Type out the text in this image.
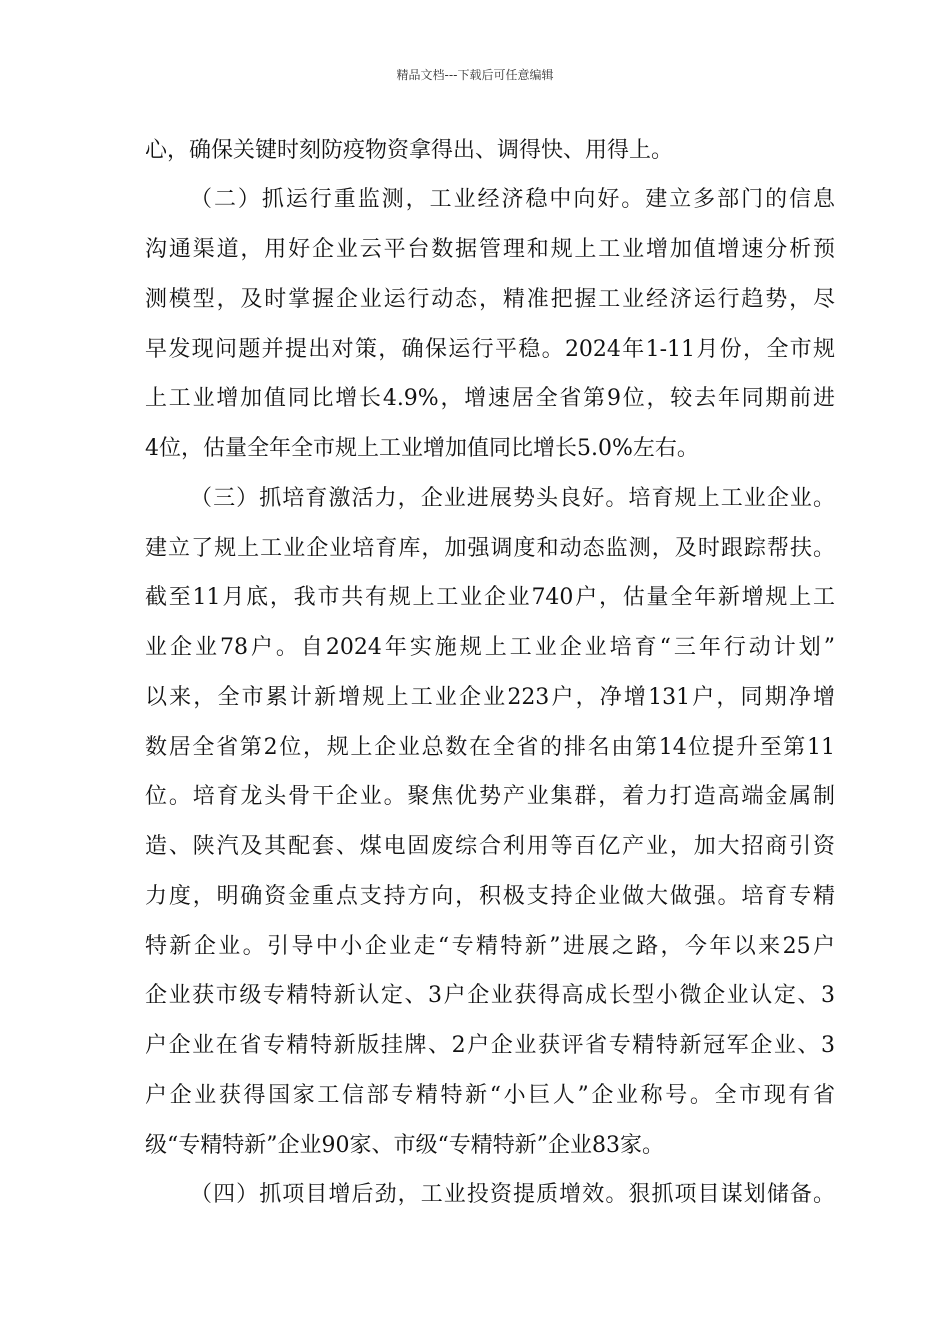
精品文档---下载后可任意编辑
心，确保关键时刻防疫物资拿得出、调得快、用得上。
（二）抓运行重监测，工业经济稳中向好。建立多部门的信息
沟通渠道，用好企业云平台数据管理和规上工业增加值增速分析预
测模型，及时掌握企业运行动态，精准把握工业经济运行趋势，尽
早发现问题并提出对策，确保运行平稳。2024年1-11月份，全市规
上工业增加值同比增长4.9%，增速居全省第9位，较去年同期前进
4位，估量全年全市规上工业增加值同比增长5.0%左右。
（三）抓培育激活力，企业进展势头良好。培育规上工业企业。
建立了规上工业企业培育库，加强调度和动态监测，及时跟踪帮扶。
截至11月底，我市共有规上工业企业740户，估量全年新增规上工
业企业78户。自2024年实施规上工业企业培育“三年行动计划”
以来，全市累计新增规上工业企业223户，净增131户，同期净增
数居全省第2位，规上企业总数在全省的排名由第14位提升至第11
位。培育龙头骨干企业。聚焦优势产业集群，着力打造高端金属制
造、陕汽及其配套、煤电固废综合利用等百亿产业，加大招商引资
力度，明确资金重点支持方向，积极支持企业做大做强。培育专精
特新企业。引导中小企业走“专精特新”进展之路，今年以来25户
企业获市级专精特新认定、3户企业获得高成长型小微企业认定、3
户企业在省专精特新版挂牌、2户企业获评省专精特新冠军企业、3
户企业获得国家工信部专精特新“小巨人”企业称号。全市现有省
级“专精特新”企业90家、市级“专精特新”企业83家。
（四）抓项目增后劲，工业投资提质增效。狠抓项目谋划储备。
